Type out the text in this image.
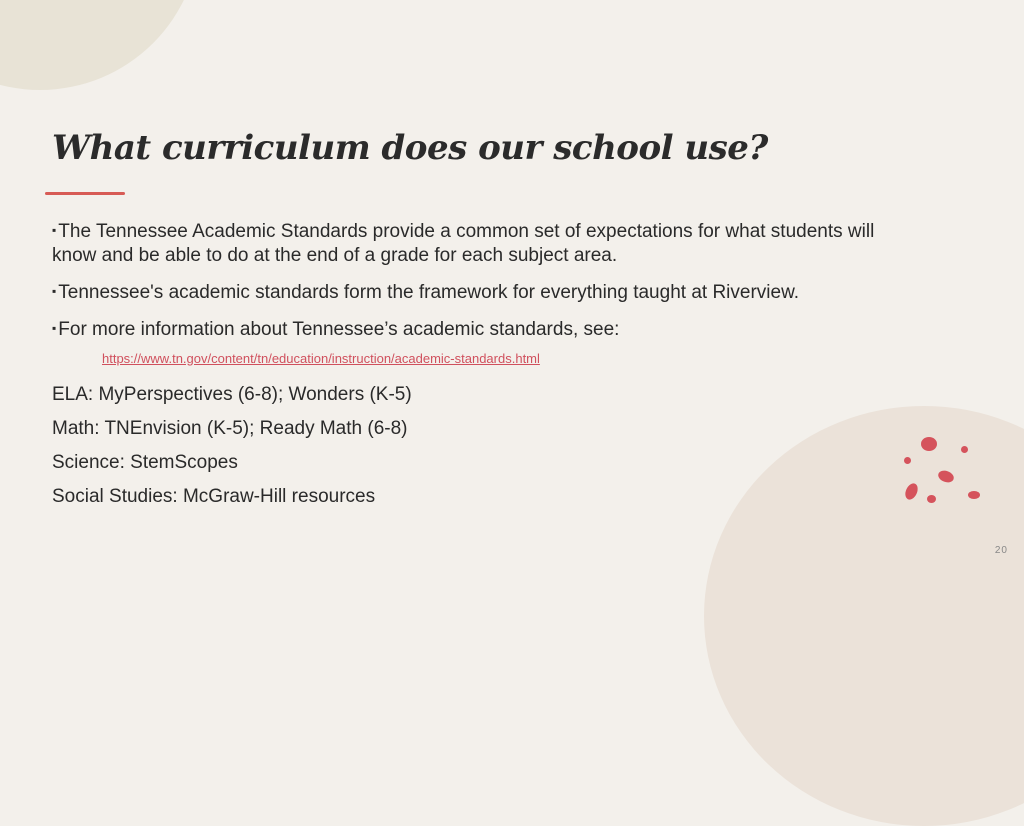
What curriculum does our school use?

▪ The Tennessee Academic Standards provide a common set of expectations for what students will know and be able to do at the end of a grade for each subject area.

▪ Tennessee's academic standards form the framework for everything taught at Riverview.

▪ For more information about Tennessee’s academic standards, see:

https://www.tn.gov/content/tn/education/instruction/academic-standards.html

ELA: MyPerspectives (6-8); Wonders (K-5)

Math: TNEnvision (K-5); Ready Math (6-8)

Science: StemScopes

Social Studies: McGraw-Hill resources

20
